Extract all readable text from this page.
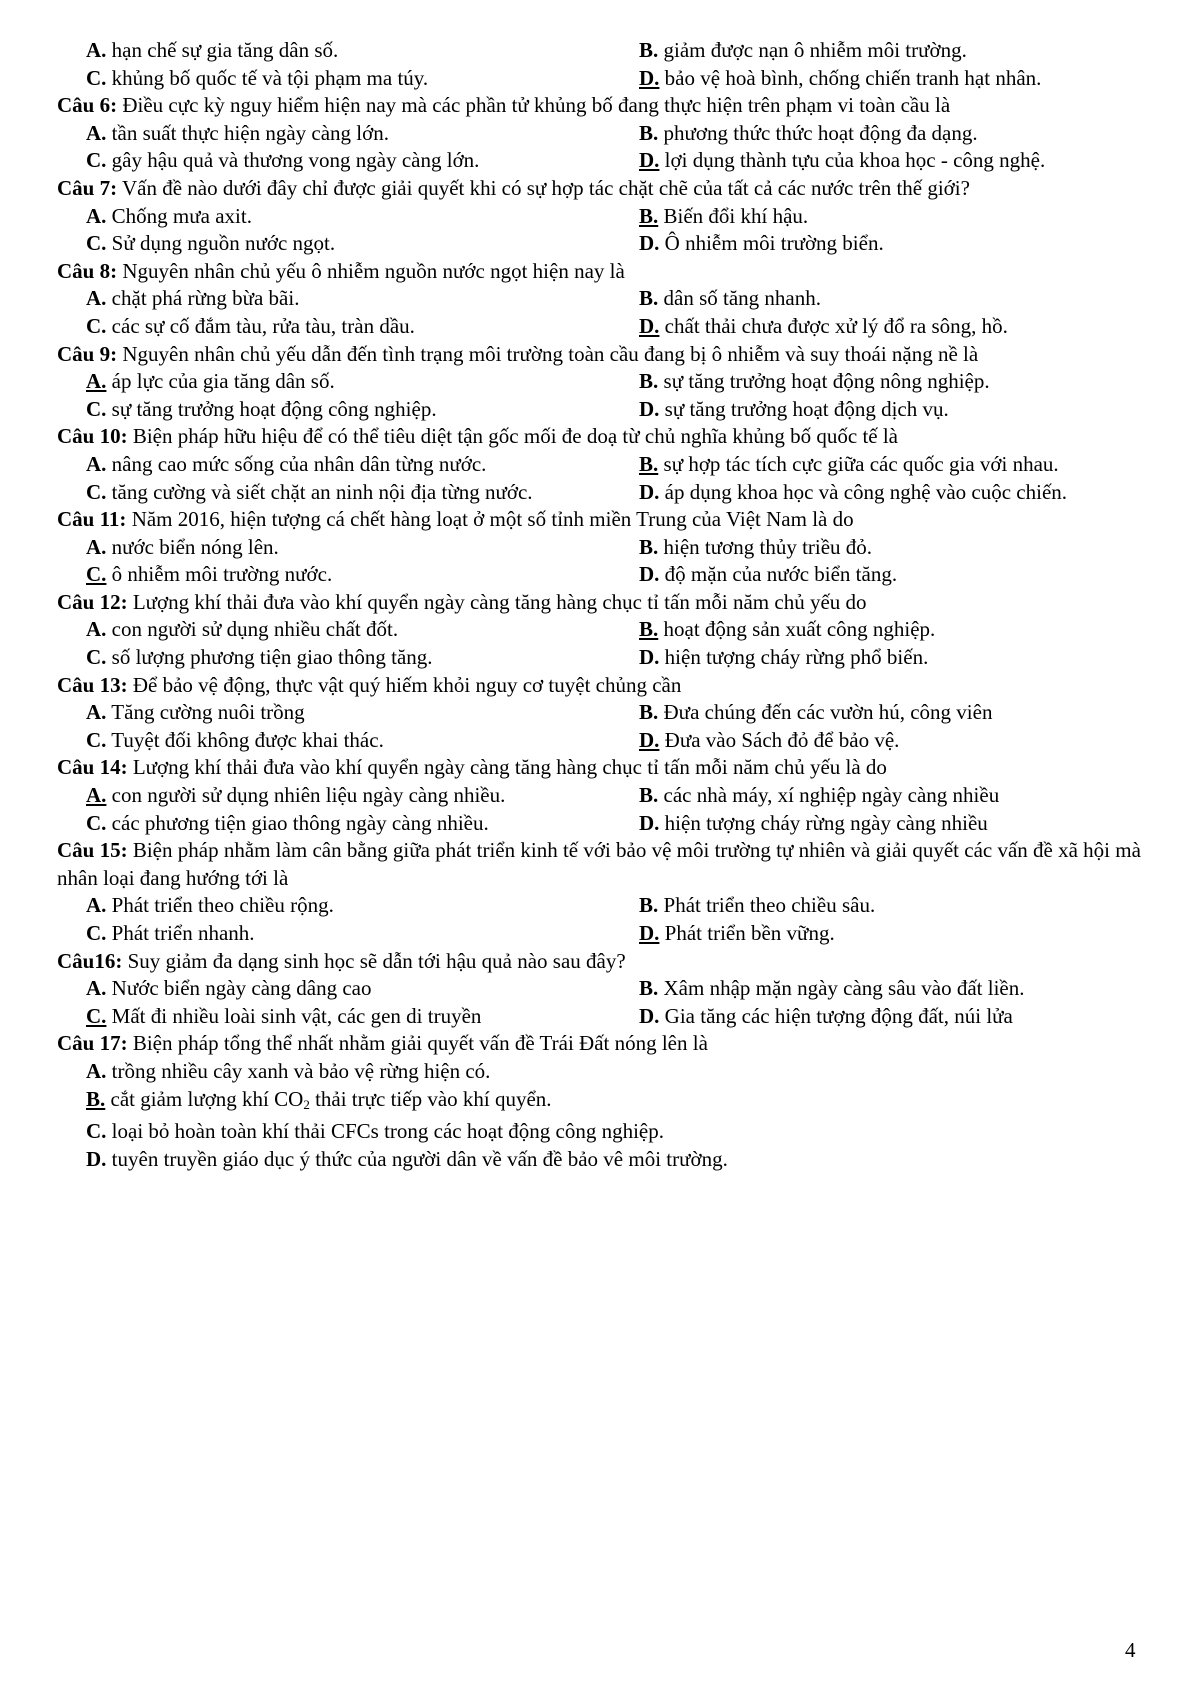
A. hạn chế sự gia tăng dân số.	B. giảm được nạn ô nhiễm môi trường.
C. khủng bố quốc tế và tội phạm ma túy.	D. bảo vệ hoà bình, chống chiến tranh hạt nhân.

Câu 6: Điều cực kỳ nguy hiểm hiện nay mà các phần tử khủng bố đang thực hiện trên phạm vi toàn cầu là

A. tần suất thực hiện ngày càng lớn.	B. phương thức thức hoạt động đa dạng.
C. gây hậu quả và thương vong ngày càng lớn.	D. lợi dụng thành tựu của khoa học - công nghệ.

Câu 7: Vấn đề nào dưới đây chỉ được giải quyết khi có sự hợp tác chặt chẽ của tất cả các nước trên thế giới?

A. Chống mưa axit.	B. Biến đổi khí hậu.
C. Sử dụng nguồn nước ngọt.	D. Ô nhiễm môi trường biển.

Câu 8: Nguyên nhân chủ yếu ô nhiễm nguồn nước ngọt hiện nay là

A. chặt phá rừng bừa bãi.	B. dân số tăng nhanh.
C. các sự cố đắm tàu, rửa tàu, tràn dầu.	D. chất thải chưa được xử lý đổ ra sông, hồ.

Câu 9: Nguyên nhân chủ yếu dẫn đến tình trạng môi trường toàn cầu đang bị ô nhiễm và suy thoái nặng nề là

A. áp lực của gia tăng dân số.	B. sự tăng trưởng hoạt động nông nghiệp.
C. sự tăng trưởng hoạt động công nghiệp.	D. sự tăng trưởng hoạt động dịch vụ.

Câu 10: Biện pháp hữu hiệu để có thể tiêu diệt tận gốc mối đe doạ từ chủ nghĩa khủng bố quốc tế là

A. nâng cao mức sống của nhân dân từng nước.	B. sự hợp tác tích cực giữa các quốc gia với nhau.
C. tăng cường và siết chặt an ninh nội địa từng nước.	D. áp dụng khoa học và công nghệ vào cuộc chiến.

Câu 11: Năm 2016, hiện tượng cá chết hàng loạt ở một số tỉnh miền Trung của Việt Nam là do

A. nước biển nóng lên.	B. hiện tương thủy triều đỏ.
C. ô nhiễm môi trường nước.	D. độ mặn của nước biển tăng.

Câu 12: Lượng khí thải đưa vào khí quyển ngày càng tăng hàng chục tỉ tấn mỗi năm chủ yếu do

A. con người sử dụng nhiều chất đốt.	B. hoạt động sản xuất công nghiệp.
C. số lượng phương tiện giao thông tăng.	D. hiện tượng cháy rừng phổ biến.

Câu 13: Để bảo vệ động, thực vật quý hiếm khỏi nguy cơ tuyệt chủng cần

A. Tăng cường nuôi trồng	B. Đưa chúng đến các vườn hú, công viên
C. Tuyệt đối không được khai thác.	D. Đưa vào Sách đỏ để bảo vệ.

Câu 14: Lượng khí thải đưa vào khí quyển ngày càng tăng hàng chục tỉ tấn mỗi năm chủ yếu là do

A. con người sử dụng nhiên liệu ngày càng nhiều.	B. các nhà máy, xí nghiệp ngày càng nhiều
C. các phương tiện giao thông ngày càng nhiều.	D. hiện tượng cháy rừng ngày càng nhiều

Câu 15: Biện pháp nhằm làm cân bằng giữa phát triển kinh tế với bảo vệ môi trường tự nhiên và giải quyết các vấn đề xã hội mà nhân loại đang hướng tới là

A. Phát triển theo chiều rộng.	B. Phát triển theo chiều sâu.
C. Phát triển nhanh.	D. Phát triển bền vững.

Câu16: Suy giảm đa dạng sinh học sẽ dẫn tới hậu quả nào sau đây?

A. Nước biển ngày càng dâng cao	B. Xâm nhập mặn ngày càng sâu vào đất liền.
C. Mất đi nhiều loài sinh vật, các gen di truyền	D. Gia tăng các hiện tượng động đất, núi lửa

Câu 17: Biện pháp tổng thể nhất nhằm giải quyết vấn đề Trái Đất nóng lên là

A. trồng nhiều cây xanh và bảo vệ rừng hiện có.
B. cắt giảm lượng khí $CO_2$ thải trực tiếp vào khí quyển.
C. loại bỏ hoàn toàn khí thải CFCs trong các hoạt động công nghiệp.
D. tuyên truyền giáo dục ý thức của người dân về vấn đề bảo vê môi trường.
4
